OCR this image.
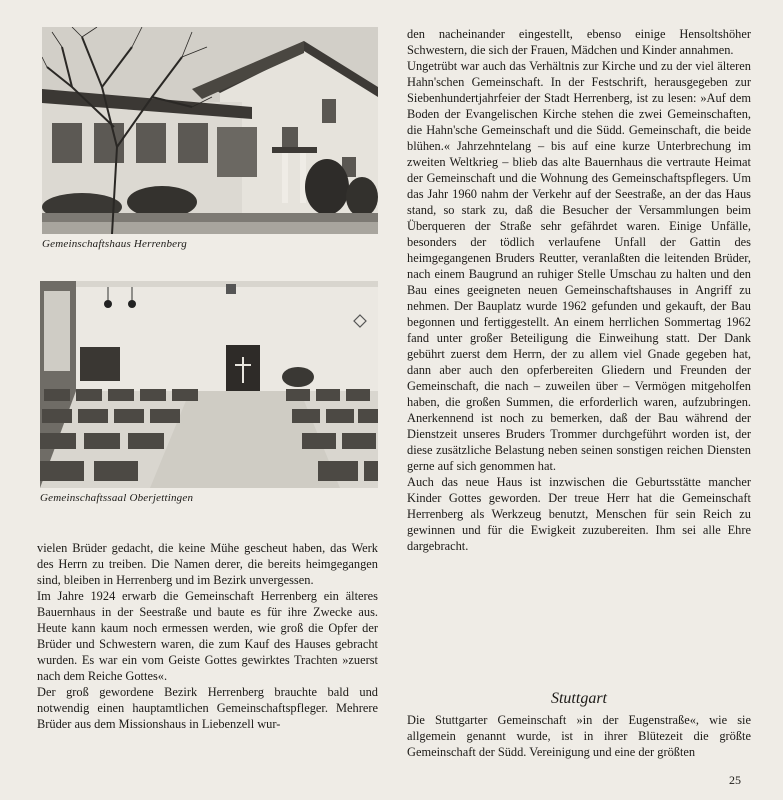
Gemeinschaftshaus Herrenberg
Gemeinschaftssaal Oberjettingen

vielen Brüder gedacht, die keine Mühe gescheut haben, das Werk des Herrn zu treiben. Die Namen derer, die bereits heimgegangen sind, bleiben in Herrenberg und im Bezirk unvergessen.

Im Jahre 1924 erwarb die Gemeinschaft Herrenberg ein älteres Bauernhaus in der Seestraße und baute es für ihre Zwecke aus. Heute kann kaum noch ermessen werden, wie groß die Opfer der Brüder und Schwestern waren, die zum Kauf des Hauses gebracht wurden. Es war ein vom Geiste Gottes gewirktes Trachten »zuerst nach dem Reiche Gottes«.

Der groß gewordene Bezirk Herrenberg brauchte bald und notwendig einen hauptamtlichen Gemeinschaftspfleger. Mehrere Brüder aus dem Missionshaus in Liebenzell wur-

den nacheinander eingestellt, ebenso einige Hensoltshöher Schwestern, die sich der Frauen, Mädchen und Kinder annahmen.

Ungetrübt war auch das Verhältnis zur Kirche und zu der viel älteren Hahn'schen Gemeinschaft. In der Festschrift, herausgegeben zur Siebenhundertjahrfeier der Stadt Herrenberg, ist zu lesen: »Auf dem Boden der Evangelischen Kirche stehen die zwei Gemeinschaften, die Hahn'sche Gemeinschaft und die Südd. Gemeinschaft, die beide blühen.« Jahrzehntelang – bis auf eine kurze Unterbrechung im zweiten Weltkrieg – blieb das alte Bauernhaus die vertraute Heimat der Gemeinschaft und die Wohnung des Gemeinschaftspflegers. Um das Jahr 1960 nahm der Verkehr auf der Seestraße, an der das Haus stand, so stark zu, daß die Besucher der Versammlungen beim Überqueren der Straße sehr gefährdet waren. Einige Unfälle, besonders der tödlich verlaufene Unfall der Gattin des heimgegangenen Bruders Reutter, veranlaßten die leitenden Brüder, nach einem Baugrund an ruhiger Stelle Umschau zu halten und den Bau eines geeigneten neuen Gemeinschaftshauses in Angriff zu nehmen. Der Bauplatz wurde 1962 gefunden und gekauft, der Bau begonnen und fertiggestellt. An einem herrlichen Sommertag 1962 fand unter großer Beteiligung die Einweihung statt. Der Dank gebührt zuerst dem Herrn, der zu allem viel Gnade gegeben hat, dann aber auch den opferbereiten Gliedern und Freunden der Gemeinschaft, die nach – zuweilen über – Vermögen mitgeholfen haben, die großen Summen, die erforderlich waren, aufzubringen. Anerkennend ist noch zu bemerken, daß der Bau während der Dienstzeit unseres Bruders Trommer durchgeführt worden ist, der diese zusätzliche Belastung neben seinen sonstigen reichen Diensten gerne auf sich genommen hat.

Auch das neue Haus ist inzwischen die Geburtsstätte mancher Kinder Gottes geworden. Der treue Herr hat die Gemeinschaft Herrenberg als Werkzeug benutzt, Menschen für sein Reich zu gewinnen und für die Ewigkeit zuzubereiten. Ihm sei alle Ehre dargebracht.

Stuttgart

Die Stuttgarter Gemeinschaft »in der Eugenstraße«, wie sie allgemein genannt wurde, ist in ihrer Blütezeit die größte Gemeinschaft der Südd. Vereinigung und eine der größten

25
